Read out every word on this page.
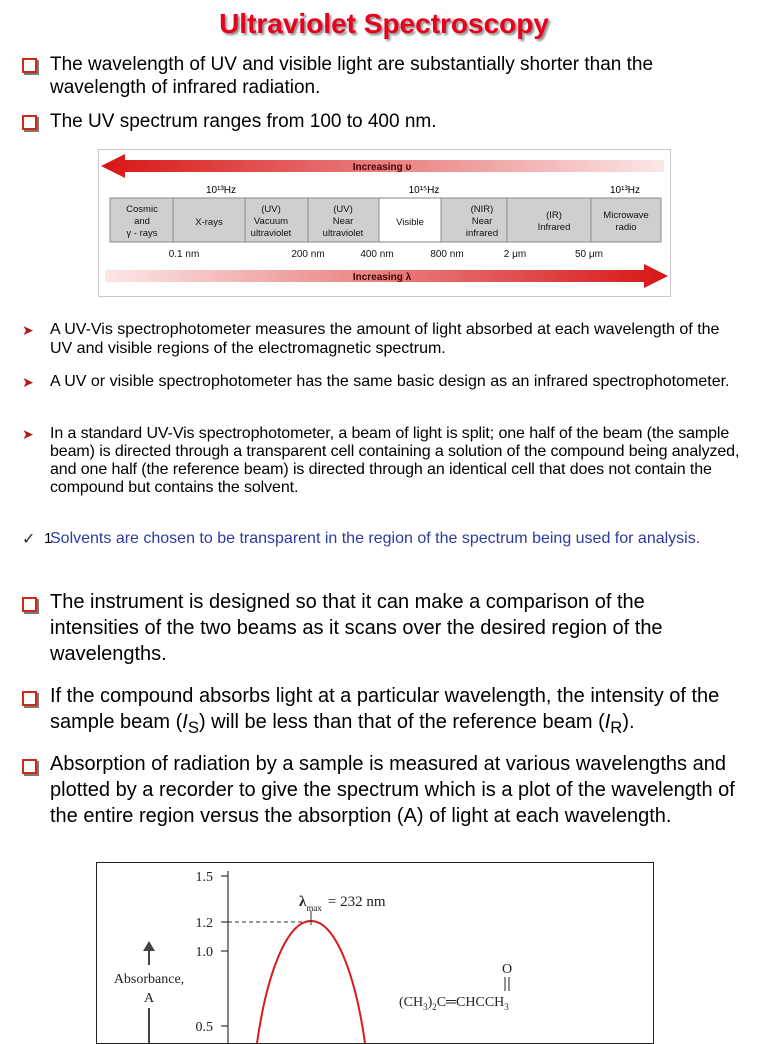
Ultraviolet Spectroscopy
The wavelength of UV and visible light are substantially shorter than the wavelength of infrared radiation.
The UV spectrum ranges from 100 to 400 nm.
Increasing υ
10¹³Hz	10¹⁵Hz	10¹³Hz
Cosmic and γ - rays
X-rays
(UV) Vacuum ultraviolet
(UV) Near ultraviolet
Visible
(NIR) Near infrared
(IR) Infrared
Microwave radio
0.1 nm	200 nm	400 nm	800 nm	2 μm	50 μm
Increasing λ
➤ A UV-Vis spectrophotometer measures the amount of light absorbed at each wavelength of the UV and visible regions of the electromagnetic spectrum.
➤ A UV or visible spectrophotometer has the same basic design as an infrared spectrophotometer.
➤ In a standard UV-Vis spectrophotometer, a beam of light is split; one half of the beam (the sample beam) is directed through a transparent cell containing a solution of the compound being analyzed, and one half (the reference beam) is directed through an identical cell that does not contain the compound but contains the solvent.
✓ 1
Solvents are chosen to be transparent in the region of the spectrum being used for analysis.
The instrument is designed so that it can make a comparison of the intensities of the two beams as it scans over the desired region of the wavelengths.
If the compound absorbs light at a particular wavelength, the intensity of the sample beam $(I_S)$ will be less than that of the reference beam $(I_R)$.
Absorption of radiation by a sample is measured at various wavelengths and plotted by a recorder to give the spectrum which is a plot of the wavelength of the entire region versus the absorption (A) of light at each wavelength.
1.5
1.2
1.0
0.5
$\lambda_{max} = 232$ nm
Absorbance,
A
O
$(CH_3)_2C═CHCCH_3$
